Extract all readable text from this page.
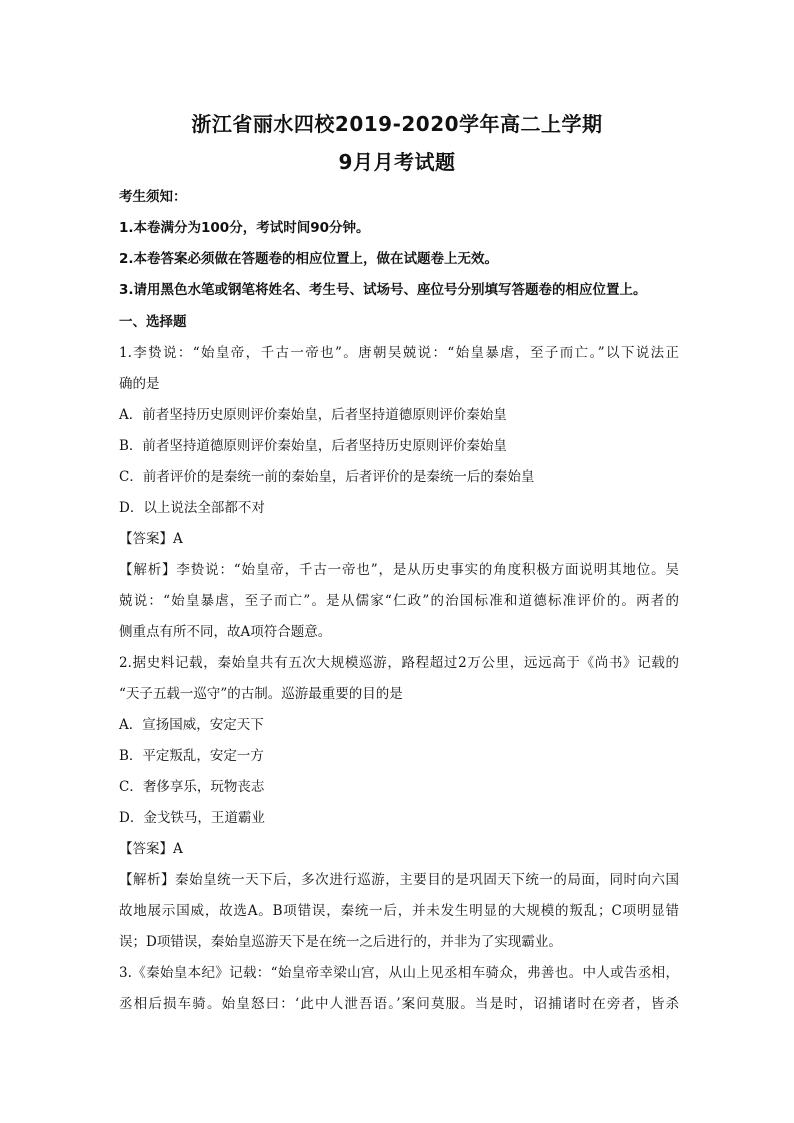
浙江省丽水四校2019-2020学年高二上学期
9月月考试题
考生须知：
1.本卷满分为100分，考试时间90分钟。
2.本卷答案必须做在答题卷的相应位置上，做在试题卷上无效。
3.请用黑色水笔或钢笔将姓名、考生号、试场号、座位号分别填写答题卷的相应位置上。
一、选择题
1.李贽说：“始皇帝，千古一帝也”。唐朝吴兢说：“始皇暴虐，至子而亡。”以下说法正
确的是
A．前者坚持历史原则评价秦始皇，后者坚持道德原则评价秦始皇
B．前者坚持道德原则评价秦始皇，后者坚持历史原则评价秦始皇
C．前者评价的是秦统一前的秦始皇，后者评价的是秦统一后的秦始皇
D．以上说法全部都不对
【答案】A
【解析】李贽说：“始皇帝，千古一帝也”，是从历史事实的角度积极方面说明其地位。吴
兢说：“始皇暴虐，至子而亡”。是从儒家“仁政”的治国标准和道德标准评价的。两者的
侧重点有所不同，故A项符合题意。
2.据史料记载，秦始皇共有五次大规模巡游，路程超过2万公里，远远高于《尚书》记载的
“天子五载一巡守”的古制。巡游最重要的目的是
A．宣扬国威，安定天下
B．平定叛乱，安定一方
C．奢侈享乐，玩物丧志
D．金戈铁马，王道霸业
【答案】A
【解析】秦始皇统一天下后，多次进行巡游，主要目的是巩固天下统一的局面，同时向六国
故地展示国威，故选A。B项错误，秦统一后，并未发生明显的大规模的叛乱；C项明显错
误；D项错误，秦始皇巡游天下是在统一之后进行的，并非为了实现霸业。
3.《秦始皇本纪》记载：“始皇帝幸梁山宫，从山上见丞相车骑众，弗善也。中人或告丞相，
丞相后损车骑。始皇怒曰：‘此中人泄吾语。’案问莫服。当是时，诏捕诸时在旁者，皆杀
